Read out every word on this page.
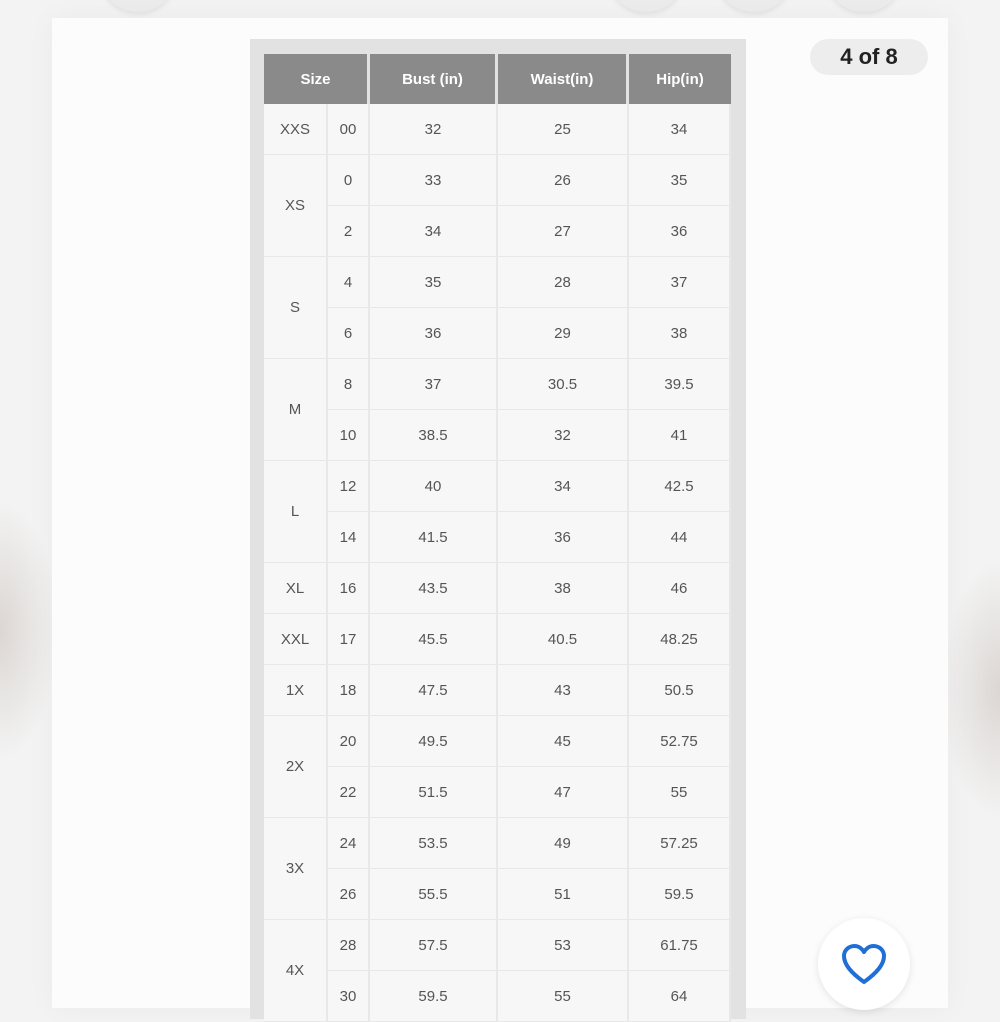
Size		Bust (in)	Waist(in)	Hip(in)
XXS	00	32	25	34
XS	0	33	26	35
	2	34	27	36
S	4	35	28	37
	6	36	29	38
M	8	37	30.5	39.5
	10	38.5	32	41
L	12	40	34	42.5
	14	41.5	36	44
XL	16	43.5	38	46
XXL	17	45.5	40.5	48.25
1X	18	47.5	43	50.5
2X	20	49.5	45	52.75
	22	51.5	47	55
3X	24	53.5	49	57.25
	26	55.5	51	59.5
4X	28	57.5	53	61.75
	30	59.5	55	64
4 of 8
